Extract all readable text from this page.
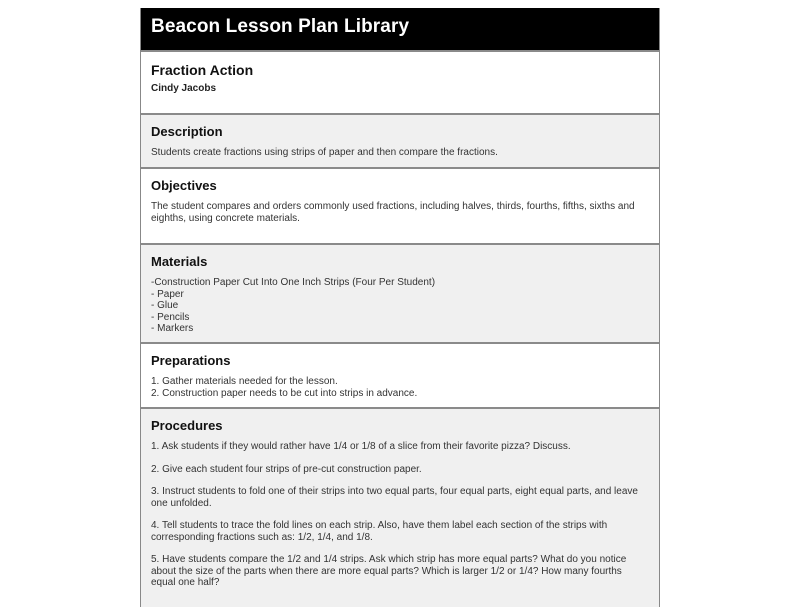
Beacon Lesson Plan Library
Fraction Action
Cindy Jacobs
Description
Students create fractions using strips of paper and then compare the fractions.
Objectives
The student compares and orders commonly used fractions, including halves, thirds, fourths, fifths, sixths and eighths, using concrete materials.
Materials
-Construction Paper Cut Into One Inch Strips (Four Per Student)
- Paper
- Glue
- Pencils
- Markers
Preparations
1. Gather materials needed for the lesson.
2. Construction paper needs to be cut into strips in advance.
Procedures

1. Ask students if they would rather have 1/4 or 1/8 of a slice from their favorite pizza? Discuss.

2. Give each student four strips of pre-cut construction paper.

3. Instruct students to fold one of their strips into two equal parts, four equal parts, eight equal parts, and leave one unfolded.

4. Tell students to trace the fold lines on each strip. Also, have them label each section of the strips with corresponding fractions such as: 1/2, 1/4, and 1/8.

5. Have students compare the 1/2 and 1/4 strips. Ask which strip has more equal parts? What do you notice about the size of the parts when there are more equal parts? Which is larger 1/2 or 1/4? How many fourths equal one half?
